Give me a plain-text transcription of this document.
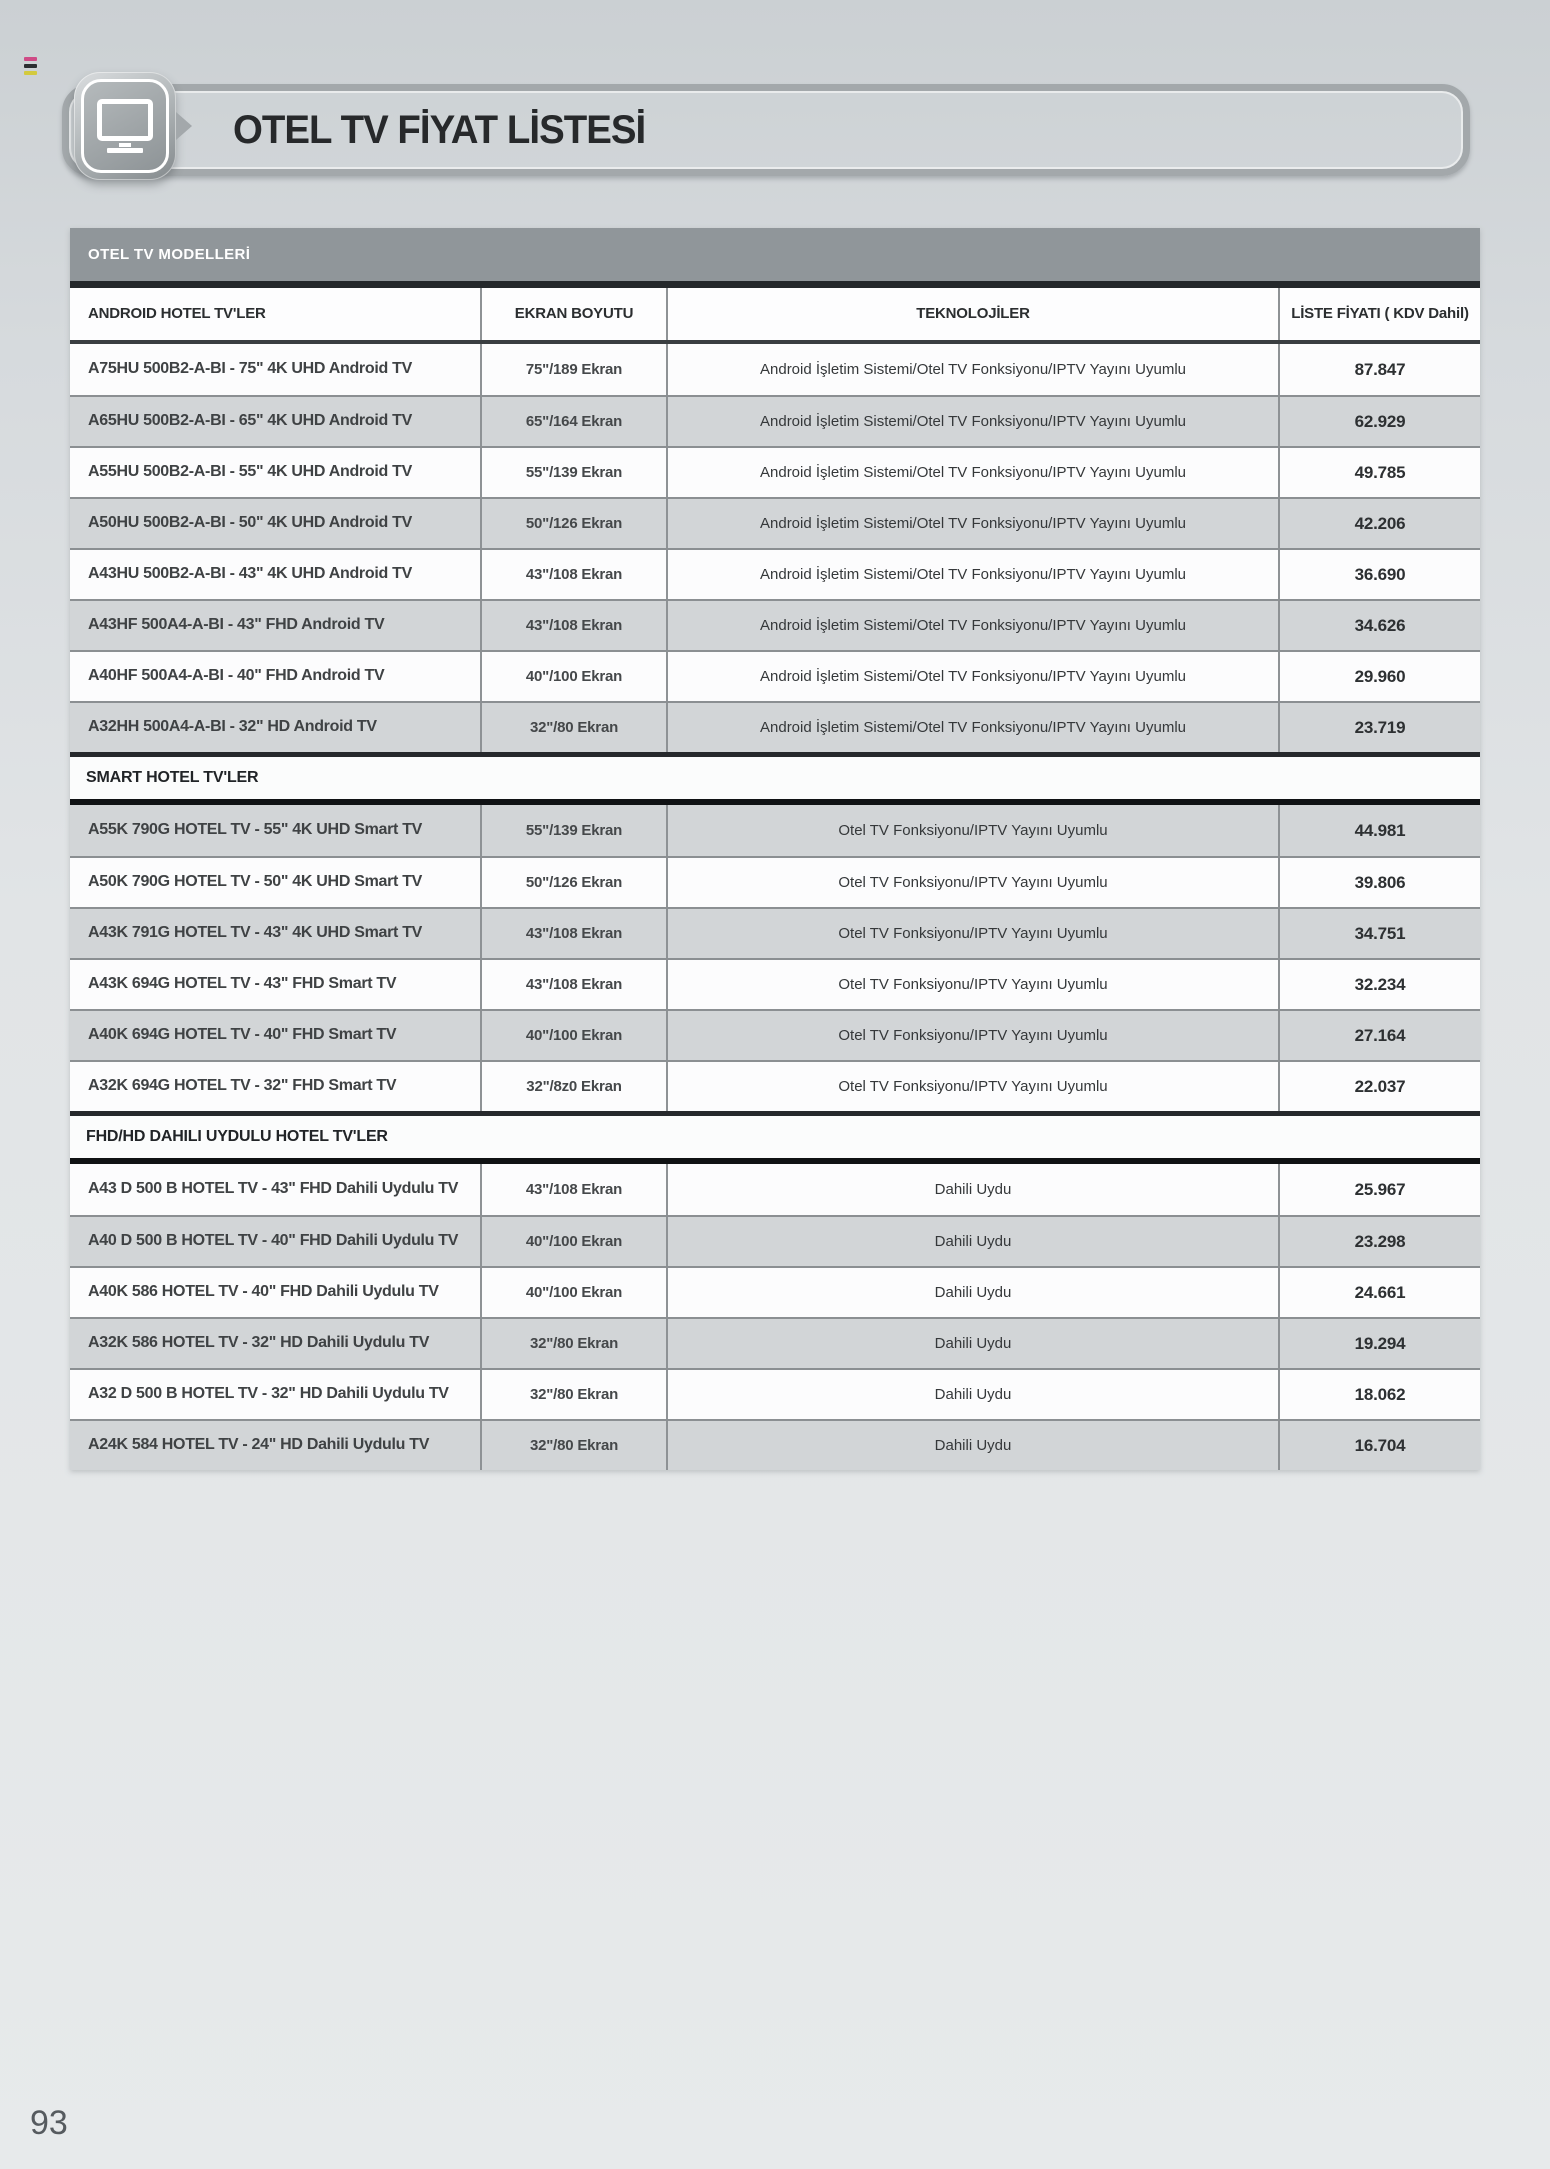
OTEL TV FİYAT LİSTESİ
OTEL TV MODELLERİ
ANDROID HOTEL TV'LER	EKRAN BOYUTU	TEKNOLOJİLER	LİSTE FİYATI ( KDV Dahil)
A75HU 500B2-A-BI - 75" 4K UHD Android TV	75"/189 Ekran	Android İşletim Sistemi/Otel TV Fonksiyonu/IPTV Yayını Uyumlu	87.847
A65HU 500B2-A-BI - 65" 4K UHD Android TV	65"/164 Ekran	Android İşletim Sistemi/Otel TV Fonksiyonu/IPTV Yayını Uyumlu	62.929
A55HU 500B2-A-BI - 55" 4K UHD Android TV	55"/139 Ekran	Android İşletim Sistemi/Otel TV Fonksiyonu/IPTV Yayını Uyumlu	49.785
A50HU 500B2-A-BI - 50" 4K UHD Android TV	50"/126 Ekran	Android İşletim Sistemi/Otel TV Fonksiyonu/IPTV Yayını Uyumlu	42.206
A43HU 500B2-A-BI - 43" 4K UHD Android TV	43"/108 Ekran	Android İşletim Sistemi/Otel TV Fonksiyonu/IPTV Yayını Uyumlu	36.690
A43HF 500A4-A-BI - 43" FHD Android TV	43"/108 Ekran	Android İşletim Sistemi/Otel TV Fonksiyonu/IPTV Yayını Uyumlu	34.626
A40HF 500A4-A-BI - 40" FHD Android TV	40"/100 Ekran	Android İşletim Sistemi/Otel TV Fonksiyonu/IPTV Yayını Uyumlu	29.960
A32HH 500A4-A-BI - 32" HD Android TV	32"/80 Ekran	Android İşletim Sistemi/Otel TV Fonksiyonu/IPTV Yayını Uyumlu	23.719
SMART HOTEL TV'LER
A55K 790G HOTEL TV - 55" 4K UHD Smart TV	55"/139 Ekran	Otel TV Fonksiyonu/IPTV Yayını Uyumlu	44.981
A50K 790G HOTEL TV - 50" 4K UHD Smart TV	50"/126 Ekran	Otel TV Fonksiyonu/IPTV Yayını Uyumlu	39.806
A43K 791G HOTEL TV - 43" 4K UHD Smart TV	43"/108 Ekran	Otel TV Fonksiyonu/IPTV Yayını Uyumlu	34.751
A43K 694G HOTEL TV - 43" FHD Smart TV	43"/108 Ekran	Otel TV Fonksiyonu/IPTV Yayını Uyumlu	32.234
A40K 694G HOTEL TV - 40" FHD Smart TV	40"/100 Ekran	Otel TV Fonksiyonu/IPTV Yayını Uyumlu	27.164
A32K 694G HOTEL TV - 32" FHD Smart TV	32"/8z0 Ekran	Otel TV Fonksiyonu/IPTV Yayını Uyumlu	22.037
FHD/HD DAHILI UYDULU HOTEL TV'LER
A43 D 500 B HOTEL TV - 43" FHD Dahili Uydulu TV	43"/108 Ekran	Dahili Uydu	25.967
A40 D 500 B HOTEL TV - 40" FHD Dahili Uydulu TV	40"/100 Ekran	Dahili Uydu	23.298
A40K 586 HOTEL TV - 40" FHD Dahili Uydulu TV	40"/100 Ekran	Dahili Uydu	24.661
A32K 586 HOTEL TV - 32" HD Dahili Uydulu TV	32"/80 Ekran	Dahili Uydu	19.294
A32 D 500 B HOTEL TV - 32" HD Dahili Uydulu TV	32"/80 Ekran	Dahili Uydu	18.062
A24K 584 HOTEL TV - 24" HD Dahili Uydulu TV	32"/80 Ekran	Dahili Uydu	16.704
93
